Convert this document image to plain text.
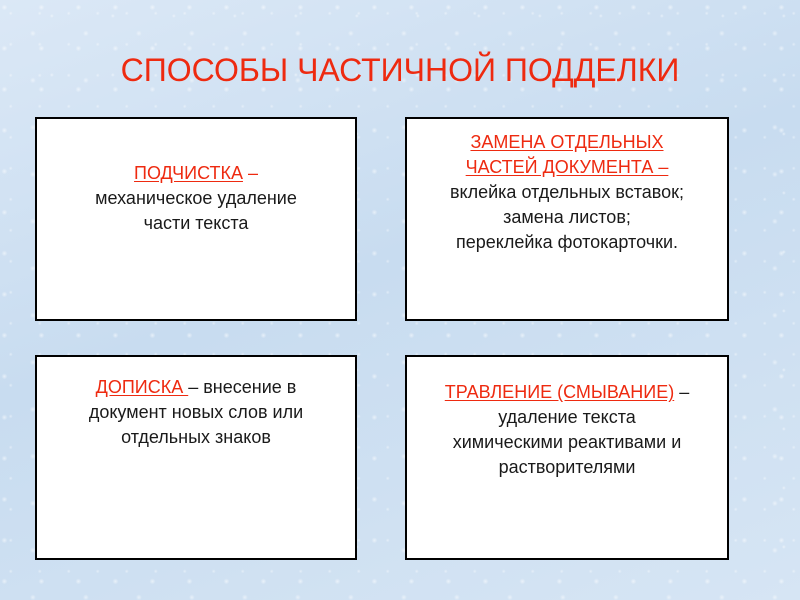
СПОСОБЫ ЧАСТИЧНОЙ ПОДДЕЛКИ
ПОДЧИСТКА –
механическое удаление
части текста
ЗАМЕНА ОТДЕЛЬНЫХ
ЧАСТЕЙ ДОКУМЕНТА –
вклейка отдельных вставок;
замена листов;
переклейка фотокарточки.
ДОПИСКА – внесение в
документ новых слов или
отдельных знаков
ТРАВЛЕНИЕ (СМЫВАНИЕ) –
удаление текста
химическими реактивами и
растворителями
